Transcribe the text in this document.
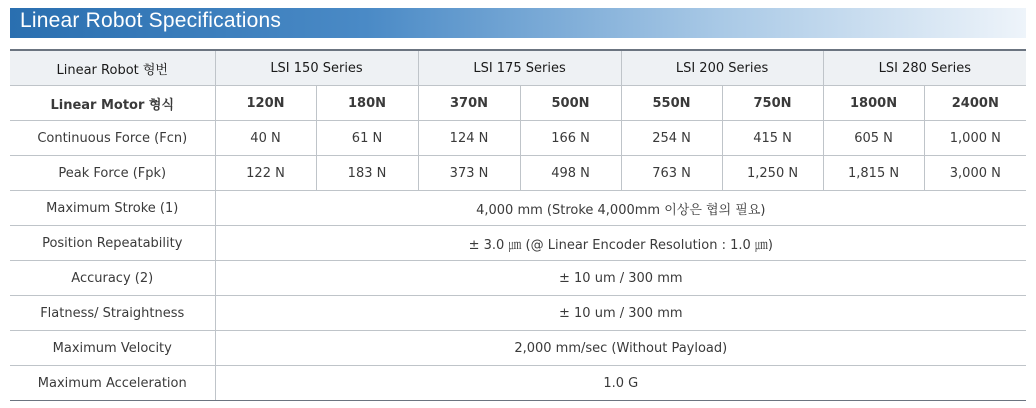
Linear Robot Specifications
Linear Robot 형번	LSI 150 Series		LSI 175 Series		LSI 200 Series		LSI 280 Series	
Linear Motor 형식	120N	180N	370N	500N	550N	750N	1800N	2400N
Continuous Force (Fcn)	40 N	61 N	124 N	166 N	254 N	415 N	605 N	1,000 N
Peak Force (Fpk)	122 N	183 N	373 N	498 N	763 N	1,250 N	1,815 N	3,000 N
Maximum Stroke (1)	4,000 mm (Stroke 4,000mm 이상은 협의 필요)							
Position Repeatability	± 3.0 ㎛ (@ Linear Encoder Resolution : 1.0 ㎛)							
Accuracy (2)	± 10 um / 300 mm							
Flatness/ Straightness	± 10 um / 300 mm							
Maximum Velocity	2,000 mm/sec (Without Payload)							
Maximum Acceleration	1.0 G							
